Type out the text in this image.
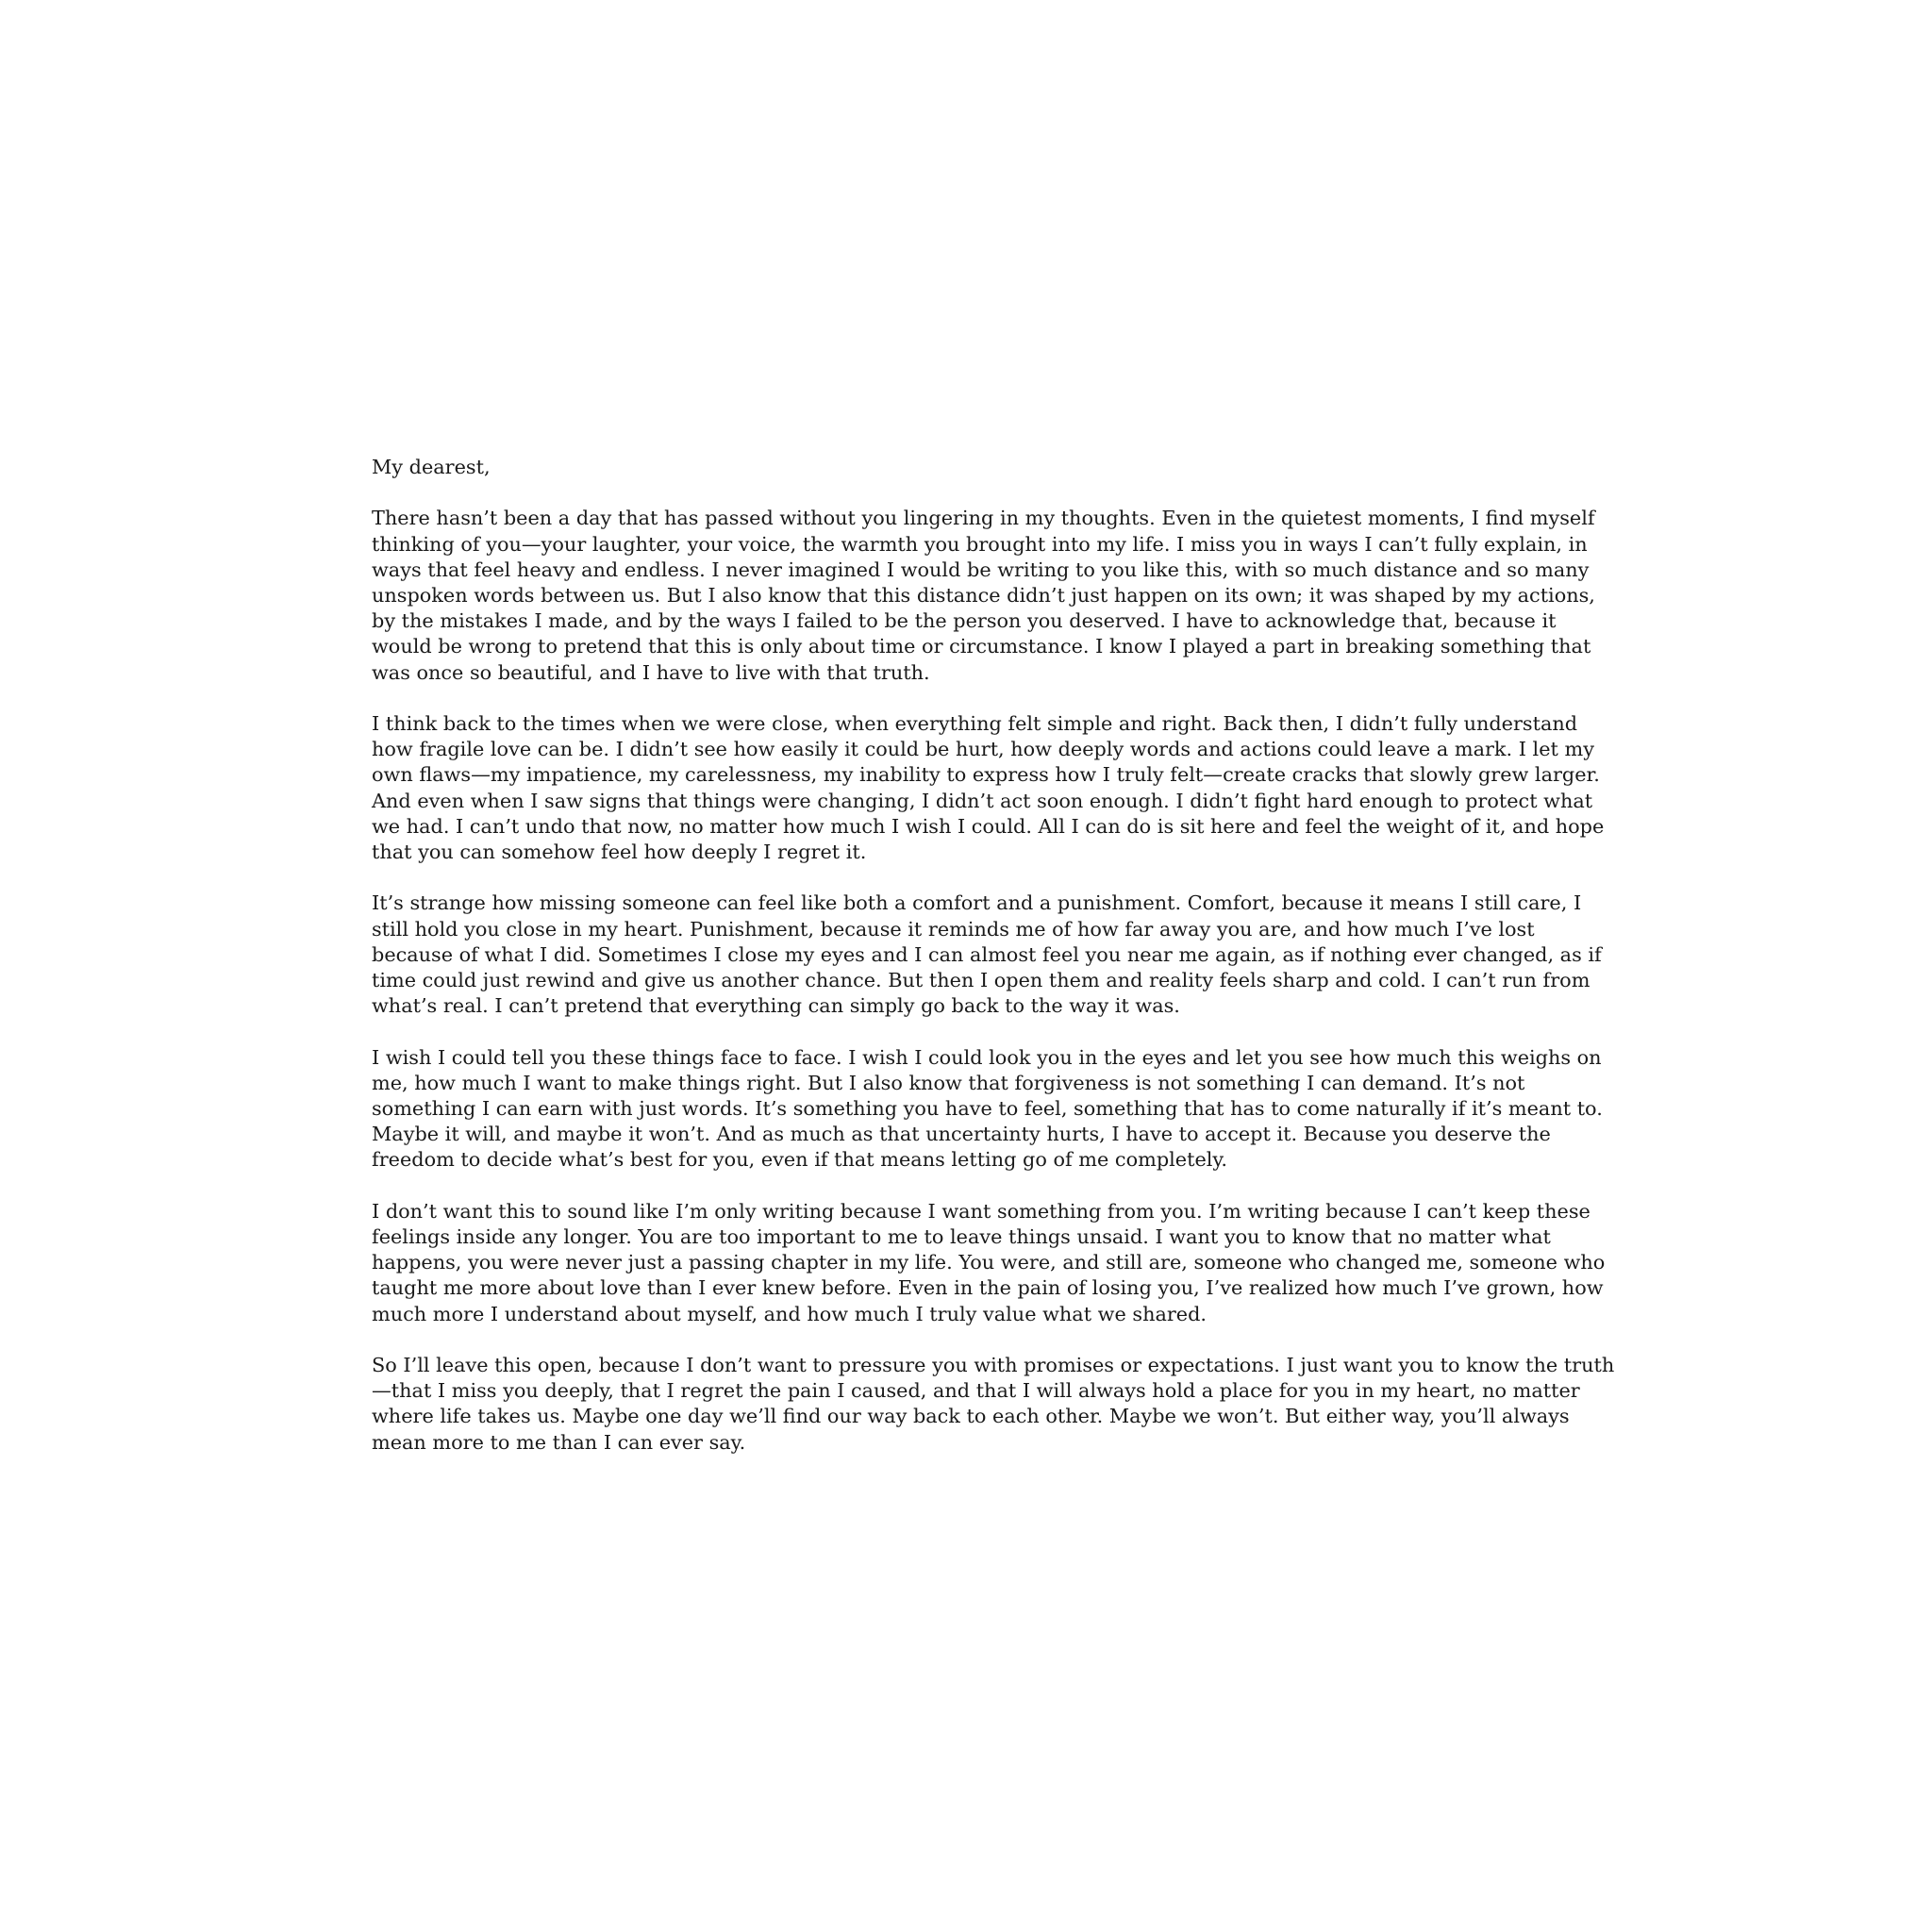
My dearest,

There hasn’t been a day that has passed without you lingering in my thoughts. Even in the quietest moments, I find myself thinking of you—your laughter, your voice, the warmth you brought into my life. I miss you in ways I can’t fully explain, in ways that feel heavy and endless. I never imagined I would be writing to you like this, with so much distance and so many unspoken words between us. But I also know that this distance didn’t just happen on its own; it was shaped by my actions, by the mistakes I made, and by the ways I failed to be the person you deserved. I have to acknowledge that, because it would be wrong to pretend that this is only about time or circumstance. I know I played a part in breaking something that was once so beautiful, and I have to live with that truth.

I think back to the times when we were close, when everything felt simple and right. Back then, I didn’t fully understand how fragile love can be. I didn’t see how easily it could be hurt, how deeply words and actions could leave a mark. I let my own flaws—my impatience, my carelessness, my inability to express how I truly felt—create cracks that slowly grew larger. And even when I saw signs that things were changing, I didn’t act soon enough. I didn’t fight hard enough to protect what we had. I can’t undo that now, no matter how much I wish I could. All I can do is sit here and feel the weight of it, and hope that you can somehow feel how deeply I regret it.

It’s strange how missing someone can feel like both a comfort and a punishment. Comfort, because it means I still care, I still hold you close in my heart. Punishment, because it reminds me of how far away you are, and how much I’ve lost because of what I did. Sometimes I close my eyes and I can almost feel you near me again, as if nothing ever changed, as if time could just rewind and give us another chance. But then I open them and reality feels sharp and cold. I can’t run from what’s real. I can’t pretend that everything can simply go back to the way it was.

I wish I could tell you these things face to face. I wish I could look you in the eyes and let you see how much this weighs on me, how much I want to make things right. But I also know that forgiveness is not something I can demand. It’s not something I can earn with just words. It’s something you have to feel, something that has to come naturally if it’s meant to. Maybe it will, and maybe it won’t. And as much as that uncertainty hurts, I have to accept it. Because you deserve the freedom to decide what’s best for you, even if that means letting go of me completely.

I don’t want this to sound like I’m only writing because I want something from you. I’m writing because I can’t keep these feelings inside any longer. You are too important to me to leave things unsaid. I want you to know that no matter what happens, you were never just a passing chapter in my life. You were, and still are, someone who changed me, someone who taught me more about love than I ever knew before. Even in the pain of losing you, I’ve realized how much I’ve grown, how much more I understand about myself, and how much I truly value what we shared.

So I’ll leave this open, because I don’t want to pressure you with promises or expectations. I just want you to know the truth—that I miss you deeply, that I regret the pain I caused, and that I will always hold a place for you in my heart, no matter where life takes us. Maybe one day we’ll find our way back to each other. Maybe we won’t. But either way, you’ll always mean more to me than I can ever say.
